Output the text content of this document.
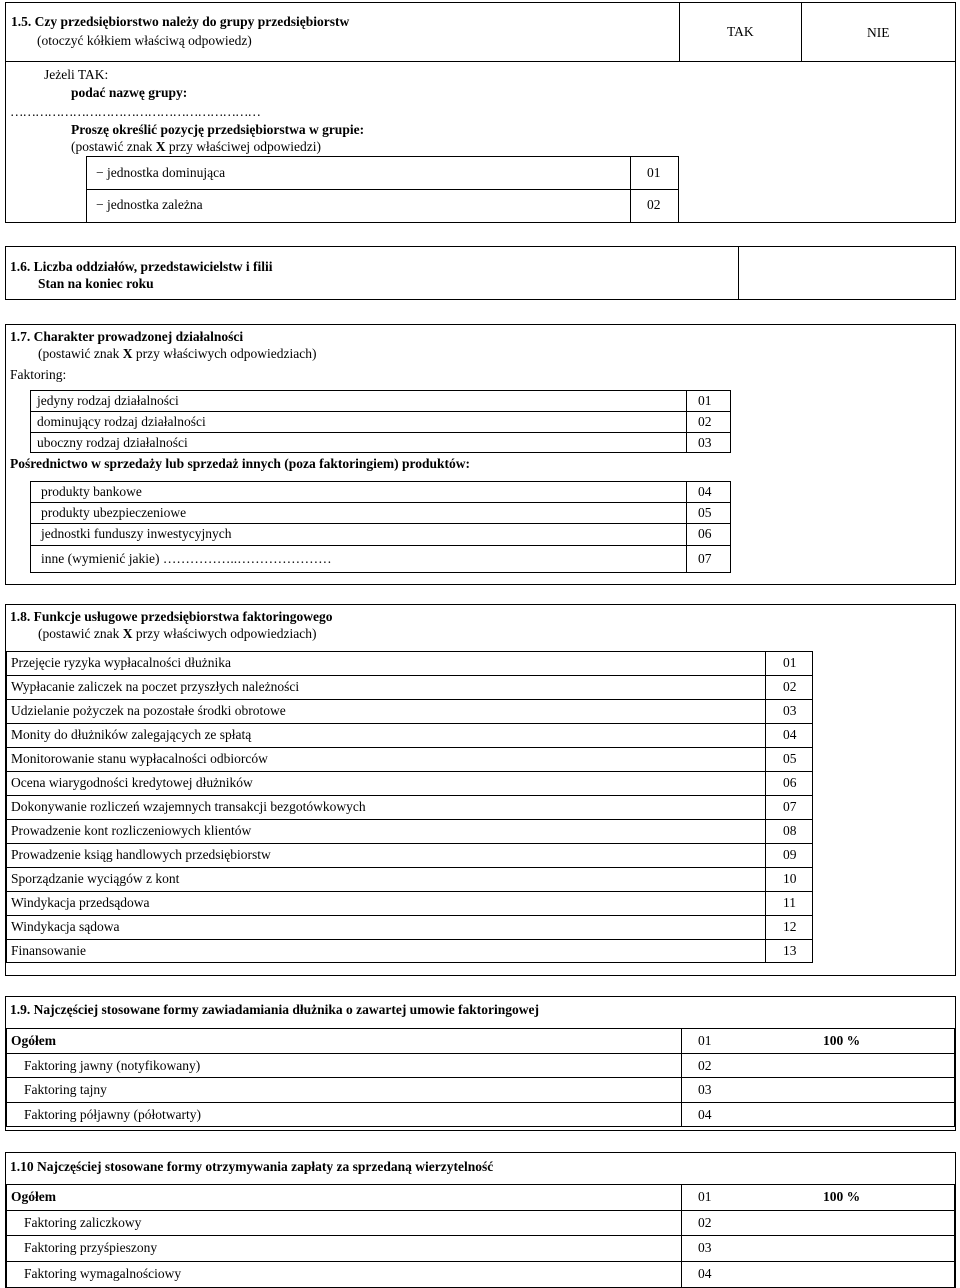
1.5. Czy przedsiębiorstwo należy do grupy przedsiębiorstw
(otoczyć kółkiem właściwą odpowiedz)
TAK	NIE
Jeżeli TAK:
podać nazwę grupy:
……………………………………………………
Proszę określić pozycję przedsiębiorstwa w grupie:
(postawić znak X przy właściwej odpowiedzi)
− jednostka dominująca	01
− jednostka zależna	02
1.6. Liczba oddziałów, przedstawicielstw i filii
Stan na koniec roku
1.7. Charakter prowadzonej działalności
(postawić znak X przy właściwych odpowiedziach)
Faktoring:
jedyny rodzaj działalności	01
dominujący rodzaj działalności	02
uboczny rodzaj działalności	03
Pośrednictwo w sprzedaży lub sprzedaż innych (poza faktoringiem) produktów:
produkty bankowe	04
produkty ubezpieczeniowe	05
jednostki funduszy inwestycyjnych	06
inne (wymienić jakie) ……………..…………………	07
1.8. Funkcje usługowe przedsiębiorstwa faktoringowego
(postawić znak X przy właściwych odpowiedziach)
Przejęcie ryzyka wypłacalności dłużnika	01
Wypłacanie zaliczek na poczet przyszłych należności	02
Udzielanie pożyczek na pozostałe środki obrotowe	03
Monity do dłużników zalegających ze spłatą	04
Monitorowanie stanu wypłacalności odbiorców	05
Ocena wiarygodności kredytowej dłużników	06
Dokonywanie rozliczeń wzajemnych transakcji bezgotówkowych	07
Prowadzenie kont rozliczeniowych klientów	08
Prowadzenie ksiąg handlowych przedsiębiorstw	09
Sporządzanie wyciągów z kont	10
Windykacja przedsądowa	11
Windykacja sądowa	12
Finansowanie	13
1.9. Najczęściej stosowane formy zawiadamiania dłużnika o zawartej umowie faktoringowej
Ogółem	01	100 %
Faktoring jawny (notyfikowany)	02
Faktoring tajny	03
Faktoring półjawny (półotwarty)	04
1.10 Najczęściej stosowane formy otrzymywania zapłaty za sprzedaną wierzytelność
Ogółem	01	100 %
Faktoring zaliczkowy	02
Faktoring przyśpieszony	03
Faktoring wymagalnościowy	04
